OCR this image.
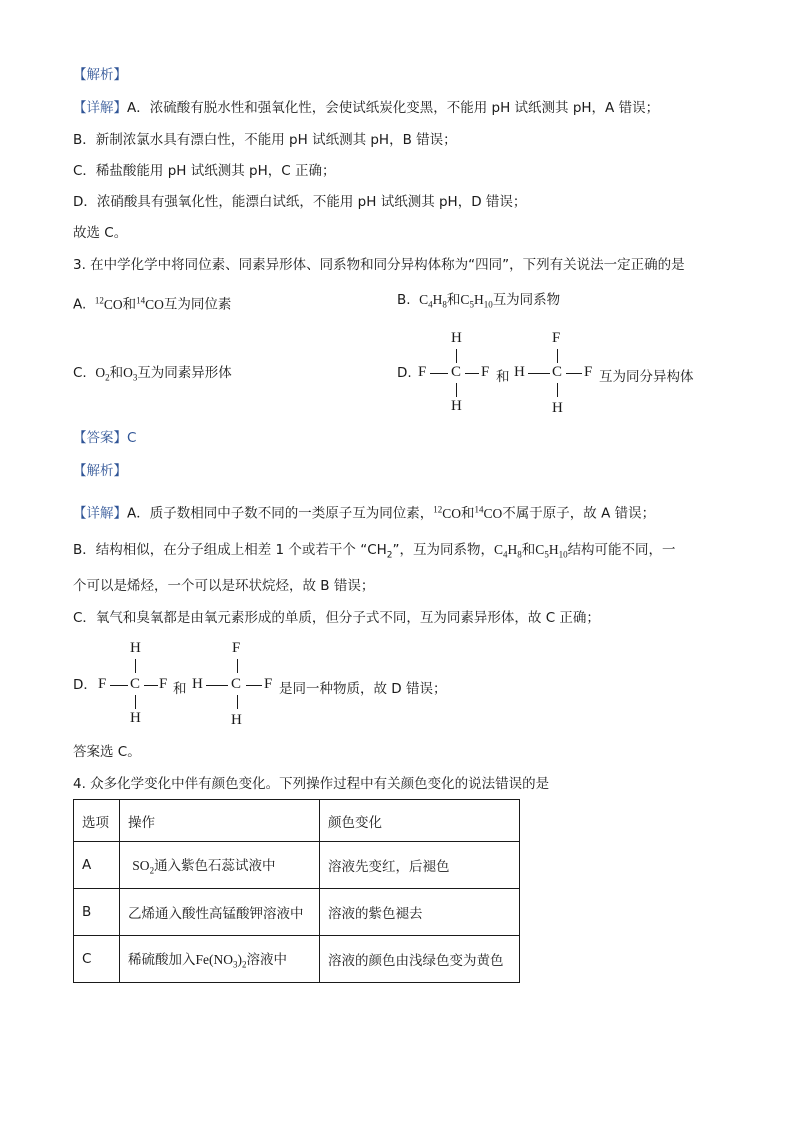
【解析】
【详解】A．浓硫酸有脱水性和强氧化性，会使试纸炭化变黑，不能用 pH 试纸测其 pH，A 错误；
B．新制浓氯水具有漂白性，不能用 pH 试纸测其 pH，B 错误；
C．稀盐酸能用 pH 试纸测其 pH，C 正确；
D．浓硝酸具有强氧化性，能漂白试纸，不能用 pH 试纸测其 pH，D 错误；
故选 C。
3. 在中学化学中将同位素、同素异形体、同系物和同分异构体称为“四同”，下列有关说法一定正确的是
A. $^{12}$CO和$^{14}$CO互为同位素	B. $C_4H_8$和$C_5H_{10}$互为同系物
C. $O_2$和$O_3$互为同素异形体	D.
H
F C F
H
和 H
F
C F
H
互为同分异构体
【答案】C
【解析】
【详解】A．质子数相同中子数不同的一类原子互为同位素，$^{12}$CO和$^{14}$CO不属于原子，故 A 错误；
B．结构相似，在分子组成上相差 1 个或若干个 “$CH_2$”，互为同系物，$C_4H_8$和$C_5H_{10}$结构可能不同，一
个可以是烯烃，一个可以是环状烷烃，故 B 错误；
C．氧气和臭氧都是由氧元素形成的单质，但分子式不同，互为同素异形体，故 C 正确；
D．
H
F C F
H
和 H
F
C F
H
是同一种物质，故 D 错误；
答案选 C。
4. 众多化学变化中伴有颜色变化。下列操作过程中有关颜色变化的说法错误的是
选项	操作	颜色变化
A	$SO_2$通入紫色石蕊试液中	溶液先变红，后褪色
B	乙烯通入酸性高锰酸钾溶液中	溶液的紫色褪去
C	稀硫酸加入$Fe(NO_3)_2$溶液中	溶液的颜色由浅绿色变为黄色
